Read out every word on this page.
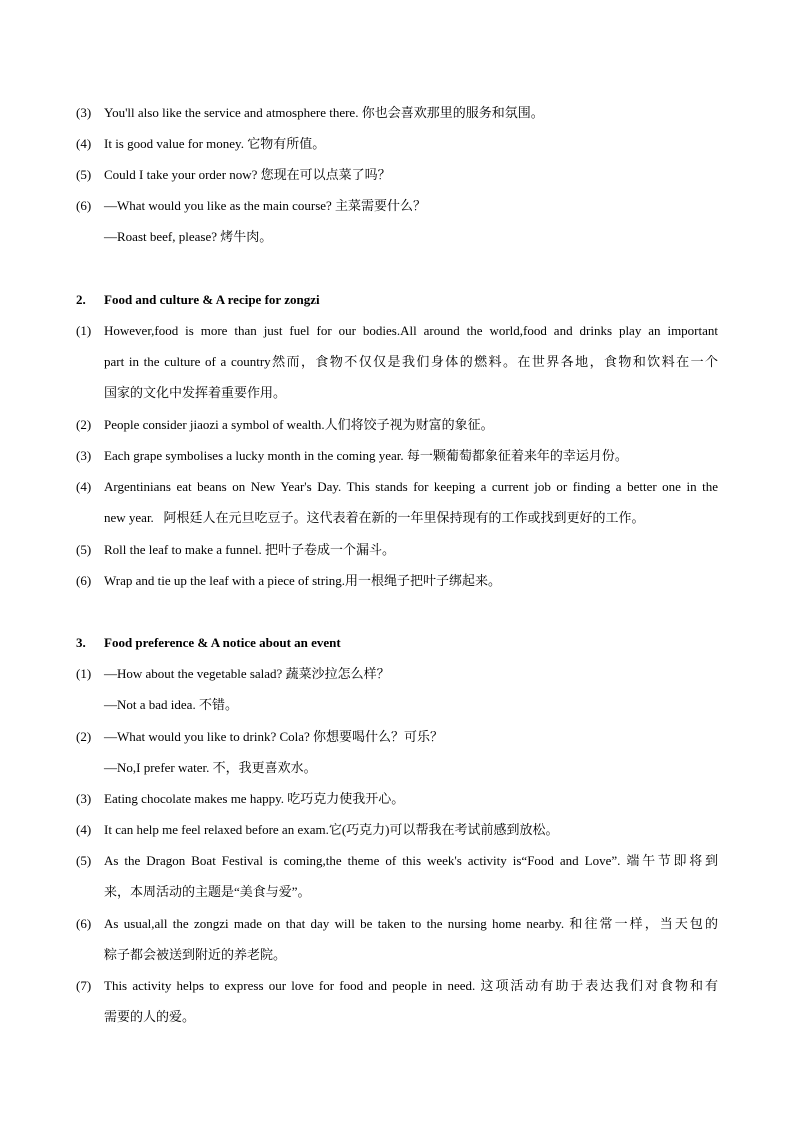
(3) You'll also like the service and atmosphere there. 你也会喜欢那里的服务和氛围。
(4) It is good value for money. 它物有所值。
(5) Could I take your order now? 您现在可以点菜了吗？
(6) —What would you like as the main course? 主菜需要什么？
—Roast beef, please? 烤牛肉。
2. Food and culture & A recipe for zongzi
(1) However,food is more than just fuel for our bodies.All around the world,food and drinks play an important
part in the culture of a country然而，食物不仅仅是我们身体的燃料。在世界各地，食物和饮料在一个
国家的文化中发挥着重要作用。
(2) People consider jiaozi a symbol of wealth.人们将饺子视为财富的象征。
(3) Each grape symbolises a lucky month in the coming year. 每一颗葡萄都象征着来年的幸运月份。
(4) Argentinians eat beans on New Year's Day. This stands for keeping a current job or finding a better one in the
new year.   阿根廷人在元旦吃豆子。这代表着在新的一年里保持现有的工作或找到更好的工作。
(5) Roll the leaf to make a funnel. 把叶子卷成一个漏斗。
(6) Wrap and tie up the leaf with a piece of string.用一根绳子把叶子绑起来。
3. Food preference & A notice about an event
(1) —How about the vegetable salad? 蔬菜沙拉怎么样？
—Not a bad idea. 不错。
(2) —What would you like to drink? Cola? 你想要喝什么？可乐？
—No,I prefer water. 不，我更喜欢水。
(3) Eating chocolate makes me happy. 吃巧克力使我开心。
(4) It can help me feel relaxed before an exam.它(巧克力)可以帮我在考试前感到放松。
(5) As the Dragon Boat Festival is coming,the theme of this week's activity is“Food and Love”. 端午节即将到
来，本周活动的主题是“美食与爱”。
(6) As usual,all the zongzi made on that day will be taken to the nursing home nearby. 和往常一样，当天包的
粽子都会被送到附近的养老院。
(7) This activity helps to express our love for food and people in need. 这项活动有助于表达我们对食物和有
需要的人的爱。
